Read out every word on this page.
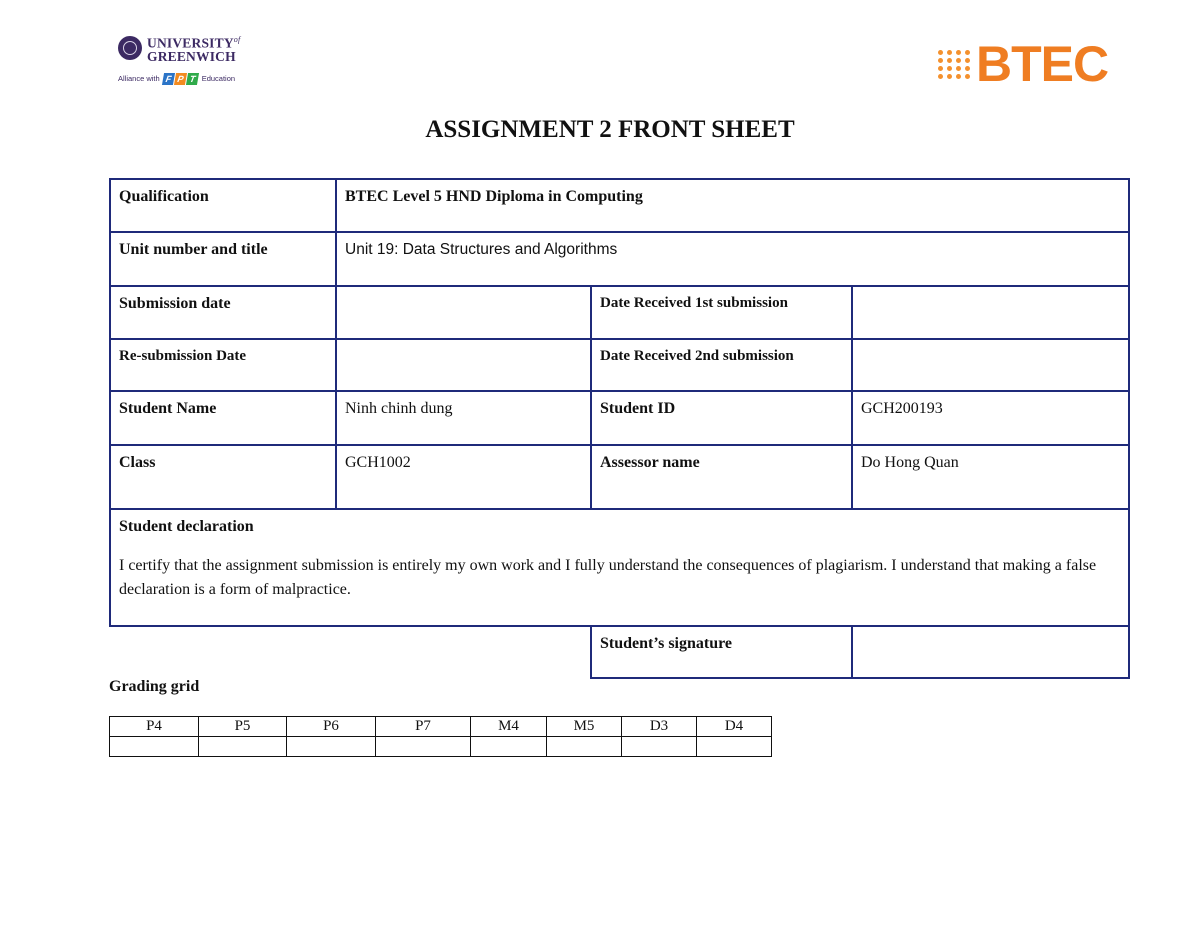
$UNIVERSITY^{of}$
GREENWICH
Alliance with F P T Education	BTEC
ASSIGNMENT 2 FRONT SHEET
Qualification	BTEC Level 5 HND Diploma in Computing		
Unit number and title	Unit 19: Data Structures and Algorithms		
Submission date		Date Received 1st submission	
Re-submission Date		Date Received 2nd submission	
Student Name	Ninh chinh dung	Student ID	GCH200193
Class	GCH1002	Assessor name	Do Hong Quan

Student declaration
I certify that the assignment submission is entirely my own work and I fully understand the consequences of plagiarism. I understand that making a false declaration is a form of malpractice.			

		Student’s signature	
Grading grid
P4	P5	P6	P7	M4	M5	D3	D4
